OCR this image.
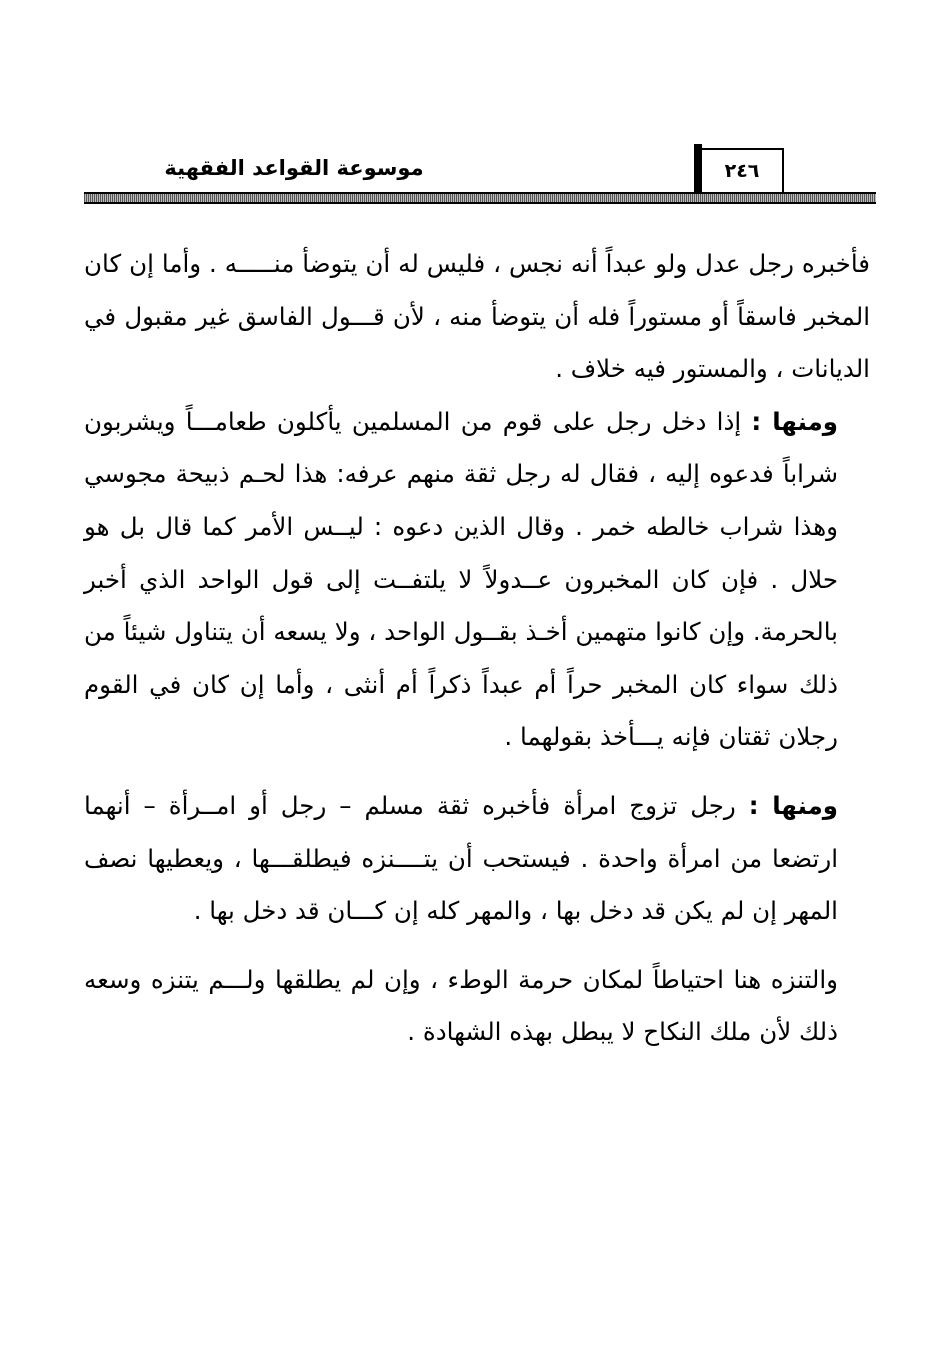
٢٤٦
موسوعة القواعد الفقهية

فأخبره رجل عدل ولو عبداً أنه نجس ، فليس له أن يتوضأ منـــــه . وأما إن كان المخبر فاسقاً أو مستوراً فله أن يتوضأ منه ، لأن قـــول الفاسق غير مقبول في الديانات ، والمستور فيه خلاف .

ومنها : إذا دخل رجل على قوم من المسلمين يأكلون طعامـــاً ويشربون شراباً فدعوه إليه ، فقال له رجل ثقة منهم عرفه: هذا لحـم ذبيحة مجوسي وهذا شراب خالطه خمر . وقال الذين دعوه : ليــس الأمر كما قال بل هو حلال . فإن كان المخبرون عــدولاً لا يلتفــت إلى قول الواحد الذي أخبر بالحرمة. وإن كانوا متهمين أخـذ بقــول الواحد ، ولا يسعه أن يتناول شيئاً من ذلك سواء كان المخبر حراً أم عبداً ذكراً أم أنثى ، وأما إن كان في القوم رجلان ثقتان فإنه يـــأخذ بقولهما .

ومنها : رجل تزوج امرأة فأخبره ثقة مسلم – رجل أو امــرأة – أنهما ارتضعا من امرأة واحدة . فيستحب أن يتــــنزه فيطلقـــها ، ويعطيها نصف المهر إن لم يكن قد دخل بها ، والمهر كله إن كـــان قد دخل بها .

والتنزه هنا احتياطاً لمكان حرمة الوطء ، وإن لم يطلقها ولـــم يتنزه وسعه ذلك لأن ملك النكاح لا يبطل بهذه الشهادة .
